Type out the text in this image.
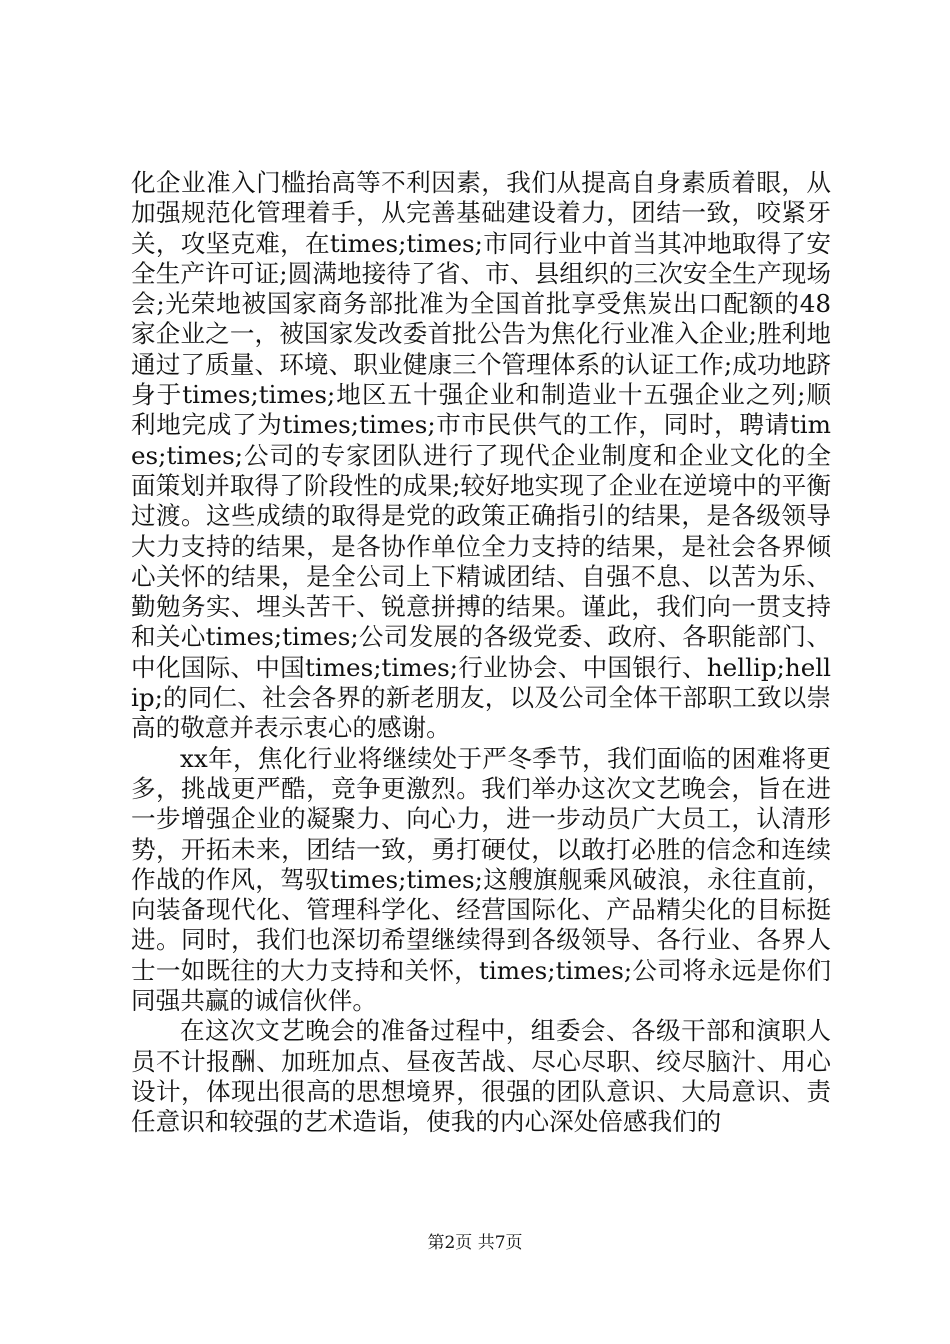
化企业准入门槛抬高等不利因素，我们从提高自身素质着眼，从加强规范化管理着手，从完善基础建设着力，团结一致，咬紧牙关，攻坚克难，在times;times;市同行业中首当其冲地取得了安全生产许可证;圆满地接待了省、市、县组织的三次安全生产现场会;光荣地被国家商务部批准为全国首批享受焦炭出口配额的48家企业之一，被国家发改委首批公告为焦化行业准入企业;胜利地通过了质量、环境、职业健康三个管理体系的认证工作;成功地跻身于times;times;地区五十强企业和制造业十五强企业之列;顺利地完成了为times;times;市市民供气的工作，同时，聘请times;times;公司的专家团队进行了现代企业制度和企业文化的全面策划并取得了阶段性的成果;较好地实现了企业在逆境中的平衡过渡。这些成绩的取得是党的政策正确指引的结果，是各级领导大力支持的结果，是各协作单位全力支持的结果，是社会各界倾心关怀的结果，是全公司上下精诚团结、自强不息、以苦为乐、勤勉务实、埋头苦干、锐意拼搏的结果。谨此，我们向一贯支持和关心times;times;公司发展的各级党委、政府、各职能部门、中化国际、中国times;times;行业协会、中国银行、hellip;hellip;的同仁、社会各界的新老朋友，以及公司全体干部职工致以崇高的敬意并表示衷心的感谢。

xx年，焦化行业将继续处于严冬季节，我们面临的困难将更多，挑战更严酷，竞争更激烈。我们举办这次文艺晚会，旨在进一步增强企业的凝聚力、向心力，进一步动员广大员工，认清形势，开拓未来，团结一致，勇打硬仗，以敢打必胜的信念和连续作战的作风，驾驭times;times;这艘旗舰乘风破浪，永往直前，向装备现代化、管理科学化、经营国际化、产品精尖化的目标挺进。同时，我们也深切希望继续得到各级领导、各行业、各界人士一如既往的大力支持和关怀，times;times;公司将永远是你们同强共赢的诚信伙伴。

在这次文艺晚会的准备过程中，组委会、各级干部和演职人员不计报酬、加班加点、昼夜苦战、尽心尽职、绞尽脑汁、用心设计，体现出很高的思想境界，很强的团队意识、大局意识、责任意识和较强的艺术造诣，使我的内心深处倍感我们的

第2页 共7页
